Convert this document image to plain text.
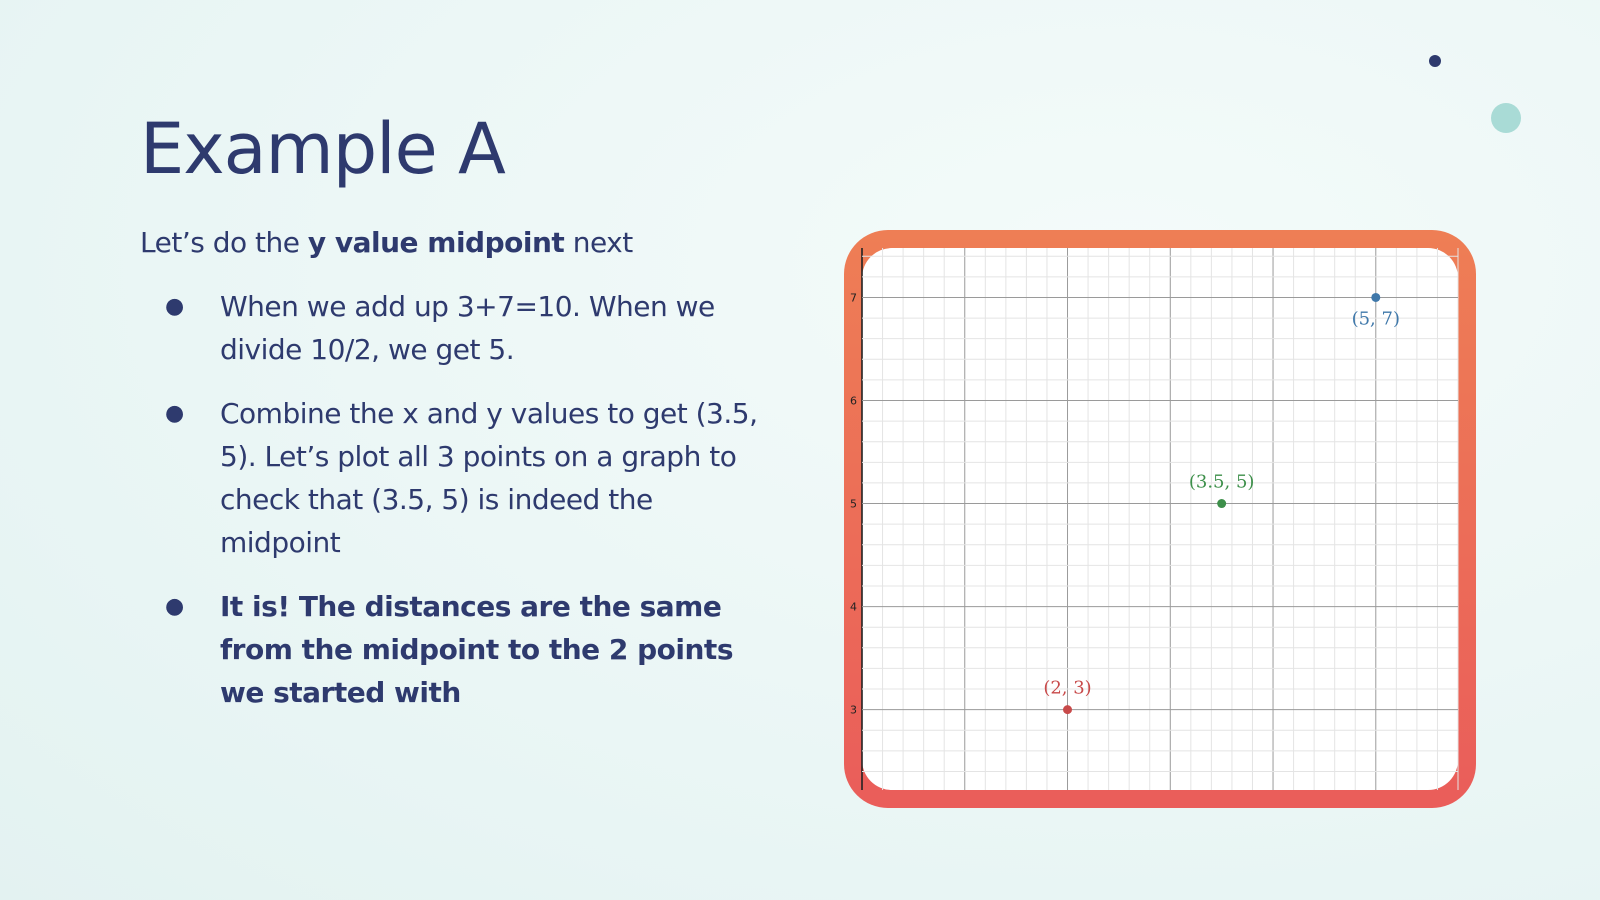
Example A

Let’s do the y value midpoint next

● When we add up 3+7=10. When we divide 10/2, we get 5.
● Combine the x and y values to get (3.5, 5). Let’s plot all 3 points on a graph to check that (3.5, 5) is indeed the midpoint
● It is! The distances are the same from the midpoint to the 2 points we started with
3
4
5
6
7
(2, 3)
(3.5, 5)
(5, 7)
